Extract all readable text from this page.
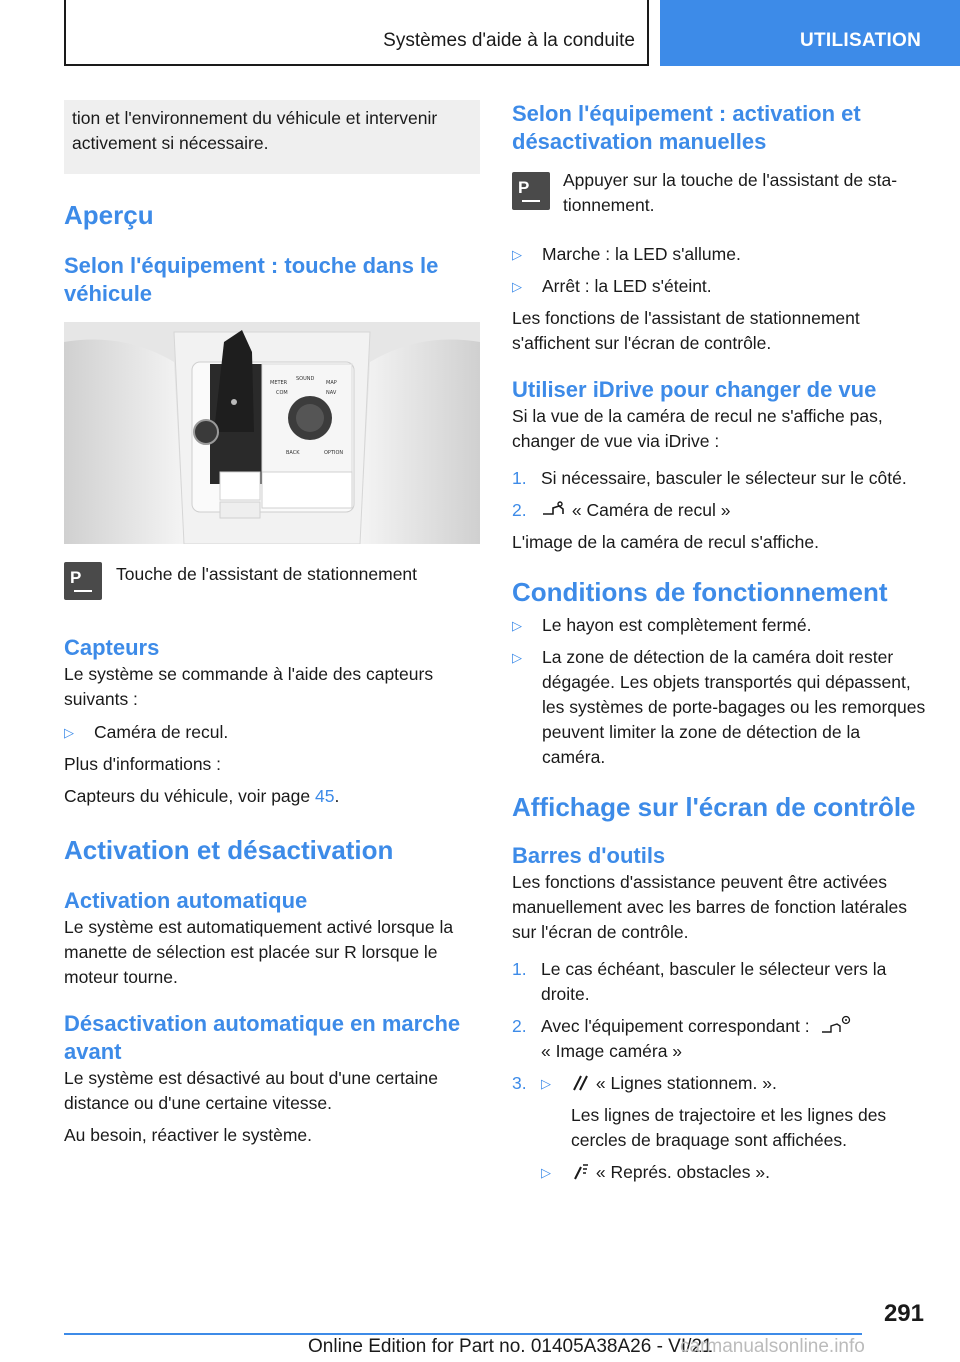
Systèmes d'aide à la conduite	UTILISATION

tion et l'environnement du véhicule et intervenir activement si nécessaire.

Aperçu
Selon l'équipement : touche dans le véhicule
METER
SOUND
MAP
COM	NAV
BACK	OPTION
P

Touche de l'assistant de stationnement

Capteurs

Le système se commande à l'aide des capteurs suivants :

▷ Caméra de recul.

Plus d'informations :

Capteurs du véhicule, voir page 45.

Activation et désactivation
Activation automatique

Le système est automatiquement activé lorsque la manette de sélection est placée sur R lorsque le moteur tourne.

Désactivation automatique en marche avant

Le système est désactivé au bout d'une certaine distance ou d'une certaine vitesse.

Au besoin, réactiver le système.

Selon l'équipement : activation et désactivation manuelles
P

Appuyer sur la touche de l'assistant de stationnement.

▷ Marche : la LED s'allume.
▷ Arrêt : la LED s'éteint.

Les fonctions de l'assistant de stationnement s'affichent sur l'écran de contrôle.

Utiliser iDrive pour changer de vue

Si la vue de la caméra de recul ne s'affiche pas, changer de vue via iDrive :

1. Si nécessaire, basculer le sélecteur sur le côté.
2.	« Caméra de recul »

L'image de la caméra de recul s'affiche.

Conditions de fonctionnement
▷ Le hayon est complètement fermé.
▷ La zone de détection de la caméra doit rester dégagée. Les objets transportés qui dépassent, les systèmes de porte-bagages ou les remorques peuvent limiter la zone de détection de la caméra.
Affichage sur l'écran de contrôle
Barres d'outils

Les fonctions d'assistance peuvent être activées manuellement avec les barres de fonction latérales sur l'écran de contrôle.

1. Le cas échéant, basculer le sélecteur vers la droite.
2. Avec l'équipement correspondant :
« Image caméra »
3. ▷	« Lignes stationnem. ».

Les lignes de trajectoire et les lignes des cercles de braquage sont affichées.

▷	« Représ. obstacles ».
291
Online Edition for Part no. 01405A38A26 - VI/21
carmanualsonline.info
